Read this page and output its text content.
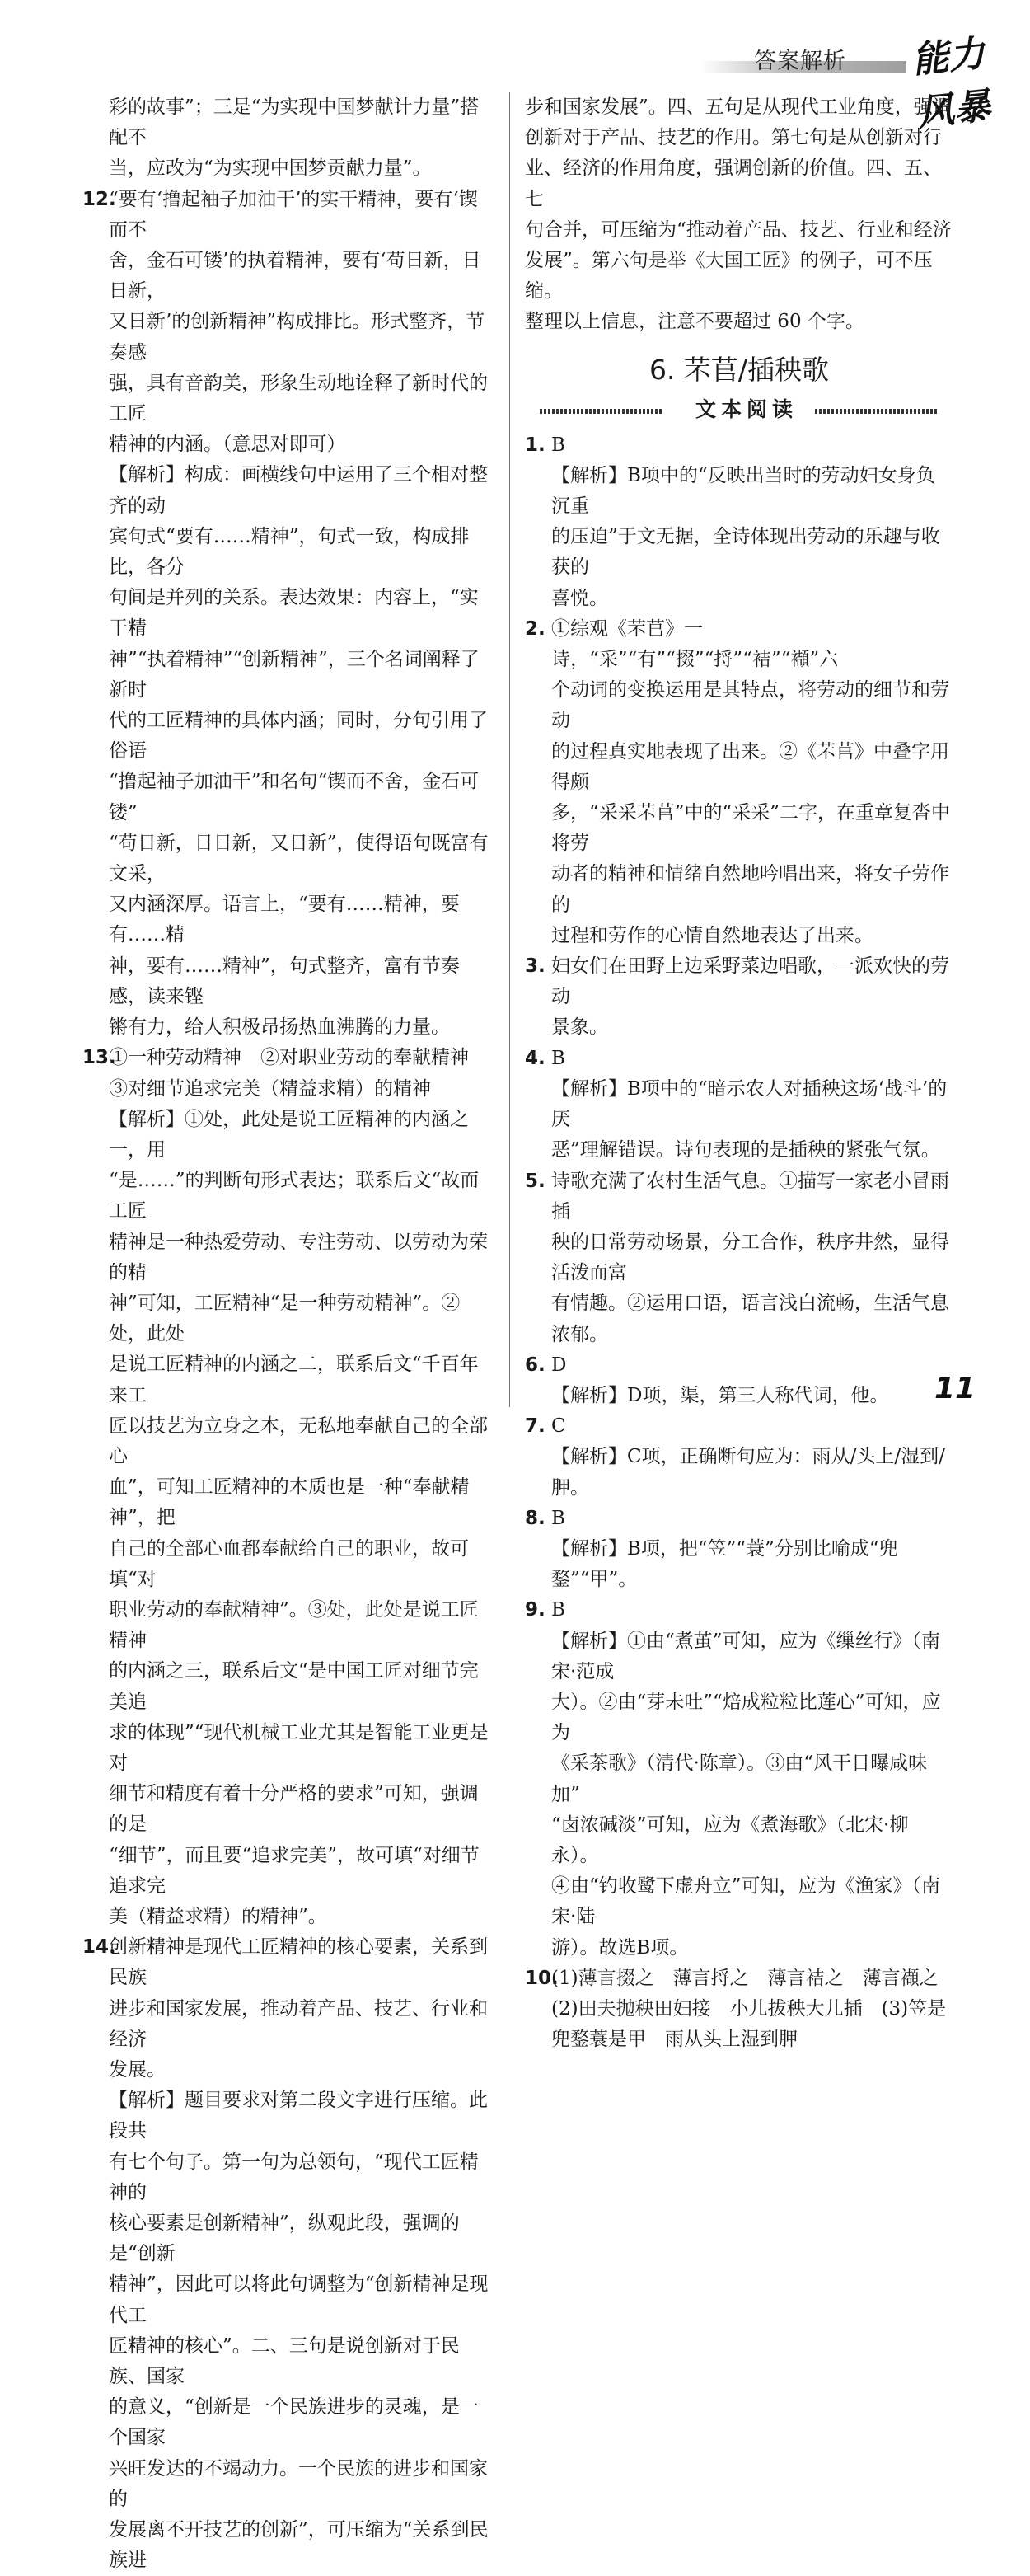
答案解析 能力风暴

彩的故事”；三是“为实现中国梦献计力量”搭配不

当，应改为“为实现中国梦贡献力量”。

12.

“要有‘撸起袖子加油干’的实干精神，要有‘锲而不

舍，金石可镂’的执着精神，要有‘苟日新，日日新，

又日新’的创新精神”构成排比。形式整齐，节奏感

强，具有音韵美，形象生动地诠释了新时代的工匠

精神的内涵。（意思对即可）

【解析】构成：画横线句中运用了三个相对整齐的动

宾句式“要有……精神”，句式一致，构成排比，各分

句间是并列的关系。表达效果：内容上，“实干精

神”“执着精神”“创新精神”，三个名词阐释了新时

代的工匠精神的具体内涵；同时，分句引用了俗语

“撸起袖子加油干”和名句“锲而不舍，金石可镂”

“苟日新，日日新，又日新”，使得语句既富有文采，

又内涵深厚。语言上，“要有……精神，要有……精

神，要有……精神”，句式整齐，富有节奏感，读来铿

锵有力，给人积极昂扬热血沸腾的力量。

13.

①一种劳动精神　②对职业劳动的奉献精神

③对细节追求完美（精益求精）的精神

【解析】①处，此处是说工匠精神的内涵之一，用

“是……”的判断句形式表达；联系后文“故而工匠

精神是一种热爱劳动、专注劳动、以劳动为荣的精

神”可知，工匠精神“是一种劳动精神”。②处，此处

是说工匠精神的内涵之二，联系后文“千百年来工

匠以技艺为立身之本，无私地奉献自己的全部心

血”，可知工匠精神的本质也是一种“奉献精神”，把

自己的全部心血都奉献给自己的职业，故可填“对

职业劳动的奉献精神”。③处，此处是说工匠精神

的内涵之三，联系后文“是中国工匠对细节完美追

求的体现”“现代机械工业尤其是智能工业更是对

细节和精度有着十分严格的要求”可知，强调的是

“细节”，而且要“追求完美”，故可填“对细节追求完

美（精益求精）的精神”。

14.

创新精神是现代工匠精神的核心要素，关系到民族

进步和国家发展，推动着产品、技艺、行业和经济

发展。

【解析】题目要求对第二段文字进行压缩。此段共

有七个句子。第一句为总领句，“现代工匠精神的

核心要素是创新精神”，纵观此段，强调的是“创新

精神”，因此可以将此句调整为“创新精神是现代工

匠精神的核心”。二、三句是说创新对于民族、国家

的意义，“创新是一个民族进步的灵魂，是一个国家

兴旺发达的不竭动力。一个民族的进步和国家的

发展离不开技艺的创新”，可压缩为“关系到民族进

步和国家发展”。四、五句是从现代工业角度，强调

创新对于产品、技艺的作用。第七句是从创新对行

业、经济的作用角度，强调创新的价值。四、五、七

句合并，可压缩为“推动着产品、技艺、行业和经济

发展”。第六句是举《大国工匠》的例子，可不压缩。

整理以上信息，注意不要超过 60 个字。

6. 芣苢/插秧歌
文本阅读
1. B

【解析】B项中的“反映出当时的劳动妇女身负沉重

的压迫”于文无据，全诗体现出劳动的乐趣与收获的

喜悦。

2. ①综观《芣苢》一诗，“采”“有”“掇”“捋”“袺”“襭”六

个动词的变换运用是其特点，将劳动的细节和劳动

的过程真实地表现了出来。②《芣苢》中叠字用得颇

多，“采采芣苢”中的“采采”二字，在重章复沓中将劳

动者的精神和情绪自然地吟唱出来，将女子劳作的

过程和劳作的心情自然地表达了出来。

3. 妇女们在田野上边采野菜边唱歌，一派欢快的劳动

景象。

4. B

【解析】B项中的“暗示农人对插秧这场‘战斗’的厌

恶”理解错误。诗句表现的是插秧的紧张气氛。

5. 诗歌充满了农村生活气息。①描写一家老小冒雨插

秧的日常劳动场景，分工合作，秩序井然，显得活泼而富

有情趣。②运用口语，语言浅白流畅，生活气息浓郁。

6. D

【解析】D项，渠，第三人称代词，他。

7. C

【解析】C项，正确断句应为：雨从/头上/湿到/胛。

8. B

【解析】B项，把“笠”“蓑”分别比喻成“兜鍪”“甲”。

9. B

【解析】①由“煮茧”可知，应为《缫丝行》（南宋·范成

大）。②由“芽未吐”“焙成粒粒比莲心”可知，应为

《采茶歌》（清代·陈章）。③由“风干日曝咸味加”

“卤浓碱淡”可知，应为《煮海歌》（北宋·柳永）。

④由“钓收鹭下虚舟立”可知，应为《渔家》（南宋·陆

游）。故选B项。

10.

(1)薄言掇之　薄言捋之　薄言袺之　薄言襭之

(2)田夫抛秧田妇接　小儿拔秧大儿插　(3)笠是

兜鍪蓑是甲　雨从头上湿到胛

11
